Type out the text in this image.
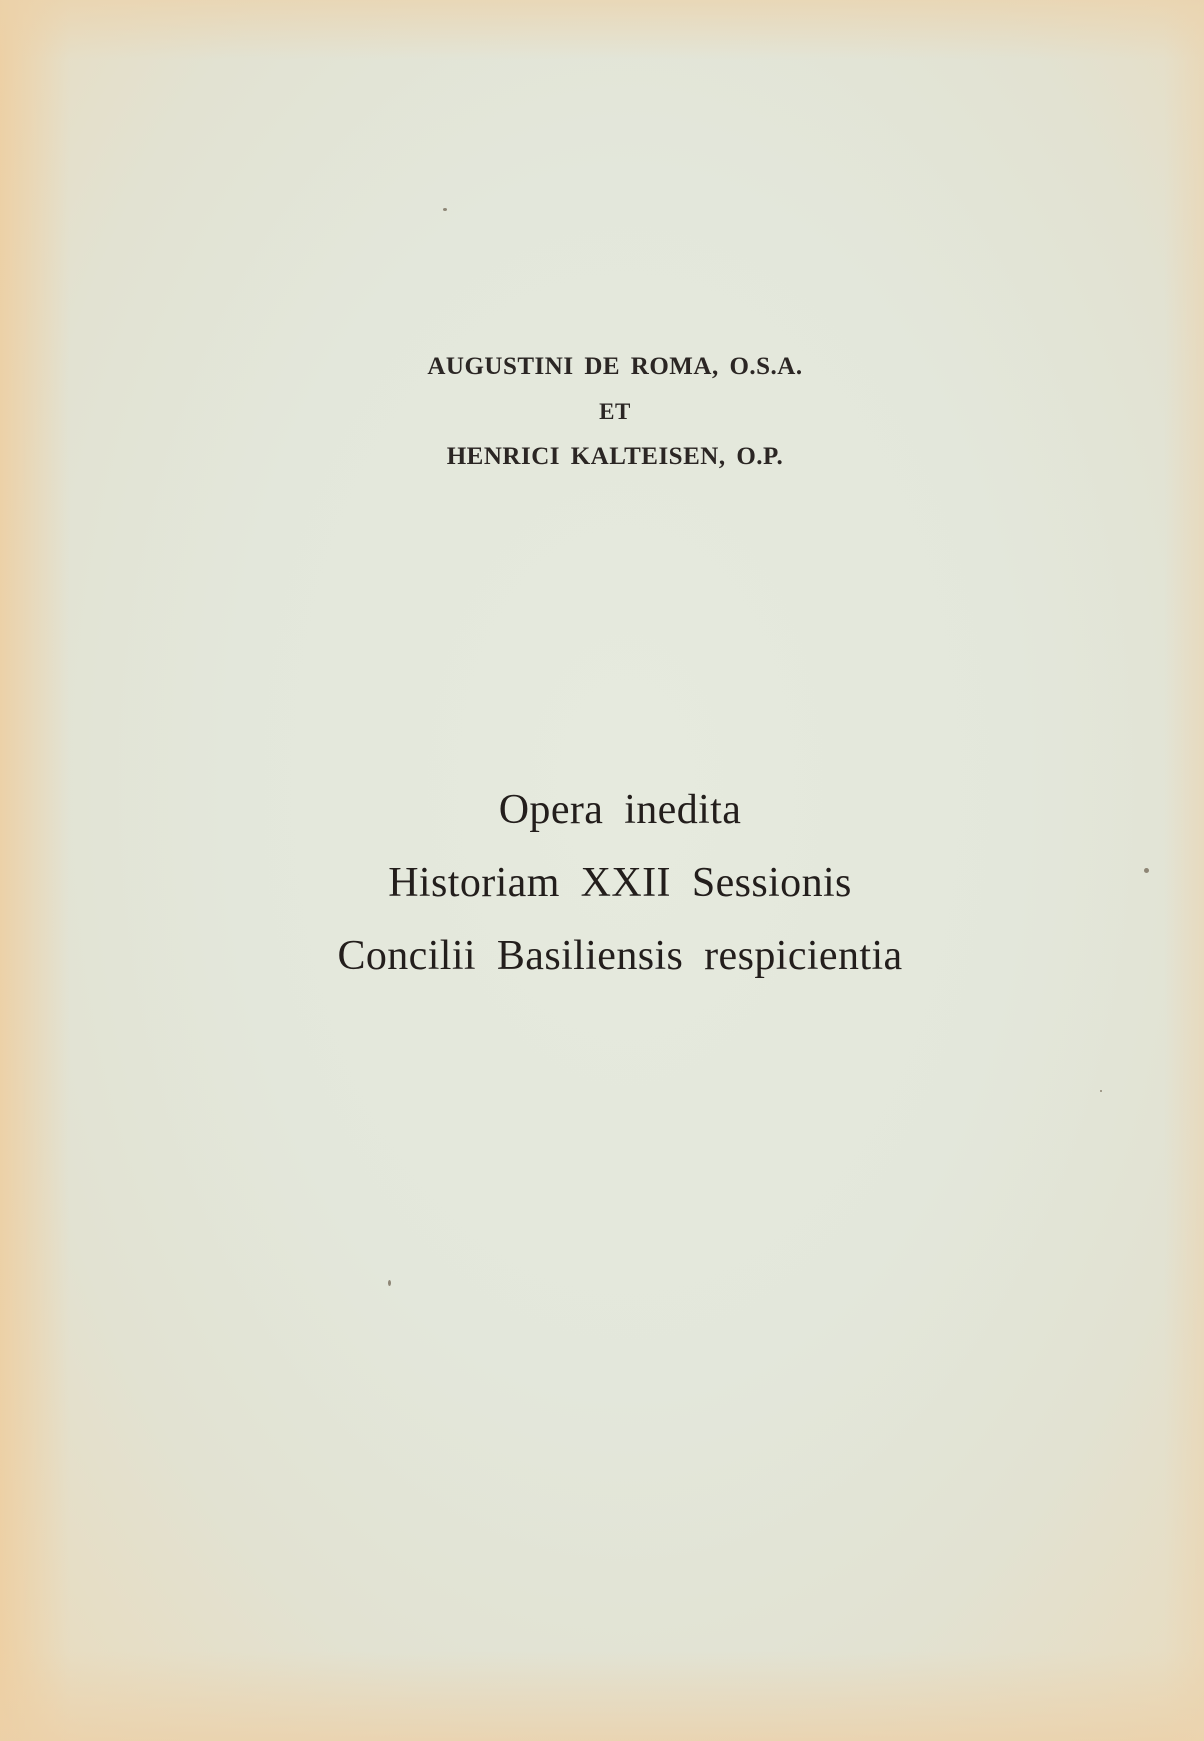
AUGUSTINI DE ROMA, O.S.A.
ET
HENRICI KALTEISEN, O.P.
Opera inedita
Historiam XXII Sessionis
Concilii Basiliensis respicientia
